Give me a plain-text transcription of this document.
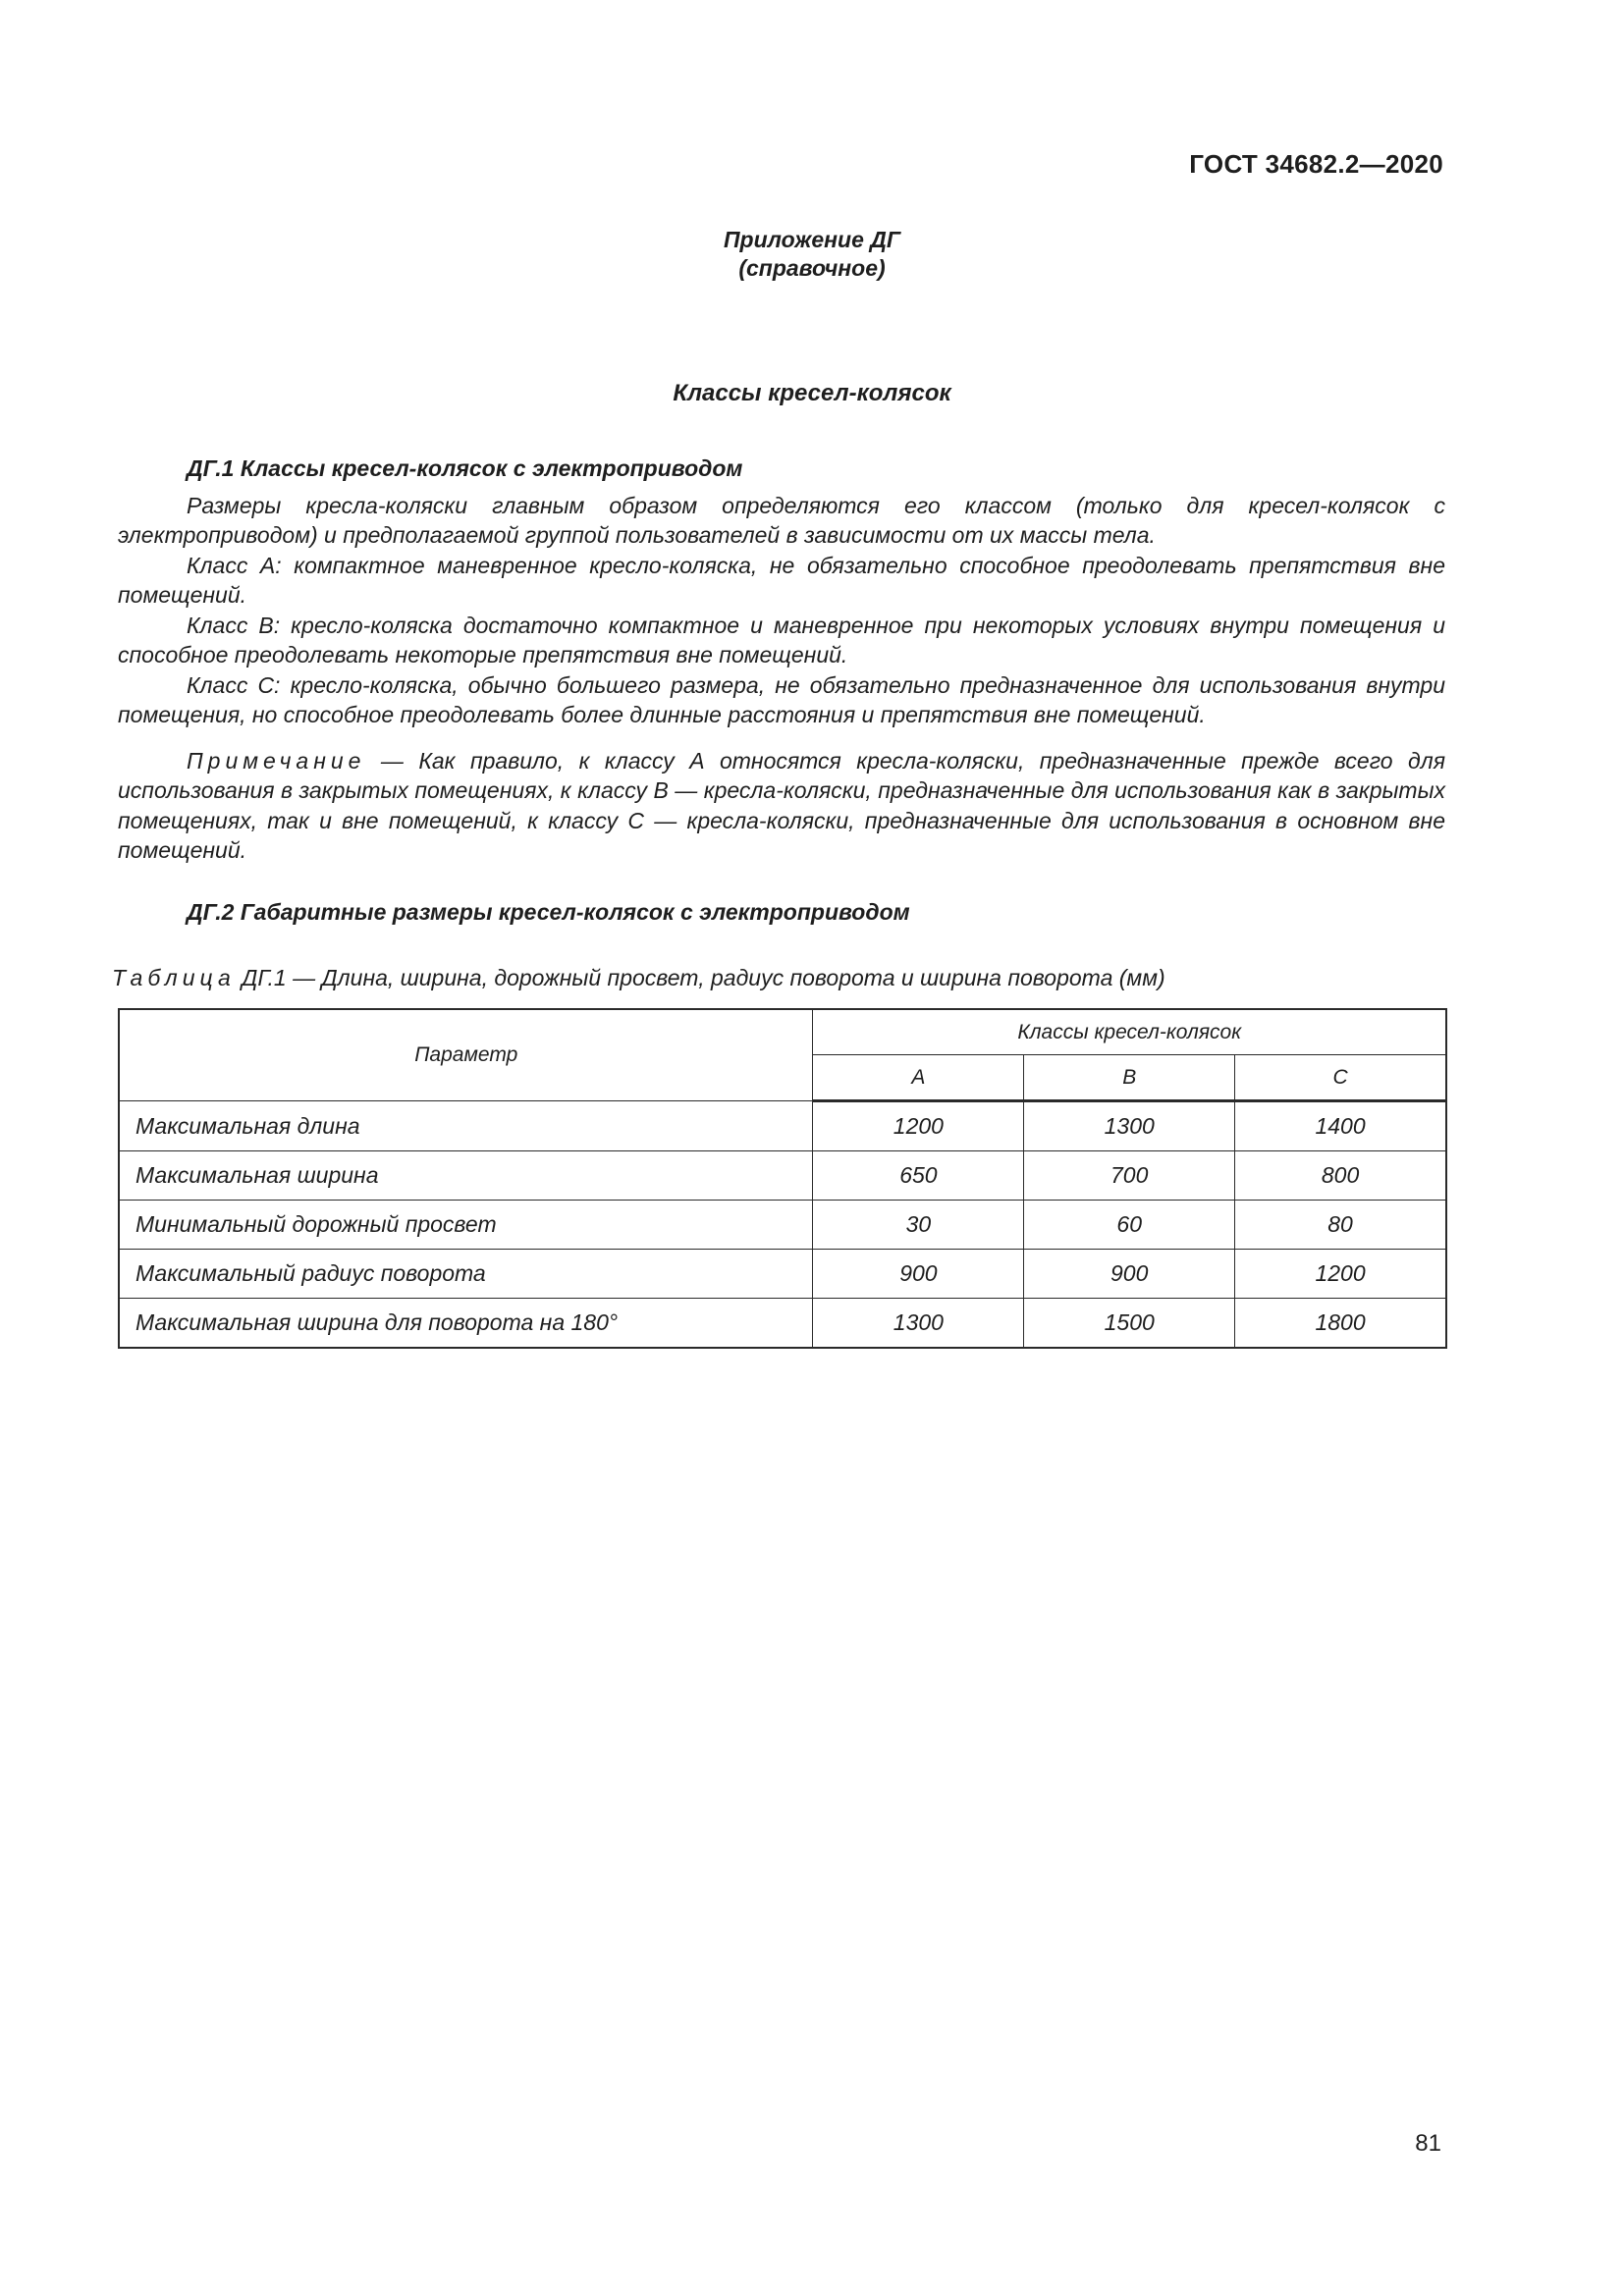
ГОСТ 34682.2—2020
Приложение ДГ
(справочное)
Классы кресел-колясок
ДГ.1 Классы кресел-колясок с электроприводом

Размеры кресла-коляски главным образом определяются его классом (только для кресел-колясок с электроприводом) и предполагаемой группой пользователей в зависимости от их массы тела.

Класс А: компактное маневренное кресло-коляска, не обязательно способное преодолевать препятствия вне помещений.

Класс В: кресло-коляска достаточно компактное и маневренное при некоторых условиях внутри помещения и способное преодолевать некоторые препятствия вне помещений.

Класс С: кресло-коляска, обычно большего размера, не обязательно предназначенное для использования внутри помещения, но способное преодолевать более длинные расстояния и препятствия вне помещений.

Примечание — Как правило, к классу А относятся кресла-коляски, предназначенные прежде всего для использования в закрытых помещениях, к классу В — кресла-коляски, предназначенные для использования как в закрытых помещениях, так и вне помещений, к классу С — кресла-коляски, предназначенные для использования в основном вне помещений.

ДГ.2 Габаритные размеры кресел-колясок с электроприводом
Таблица ДГ.1 — Длина, ширина, дорожный просвет, радиус поворота и ширина поворота (мм)
Параметр	Классы кресел-колясок		
	A	B	C
Максимальная длина	1200	1300	1400
Максимальная ширина	650	700	800
Минимальный дорожный просвет	30	60	80
Максимальный радиус поворота	900	900	1200
Максимальная ширина для поворота на 180°	1300	1500	1800
81
